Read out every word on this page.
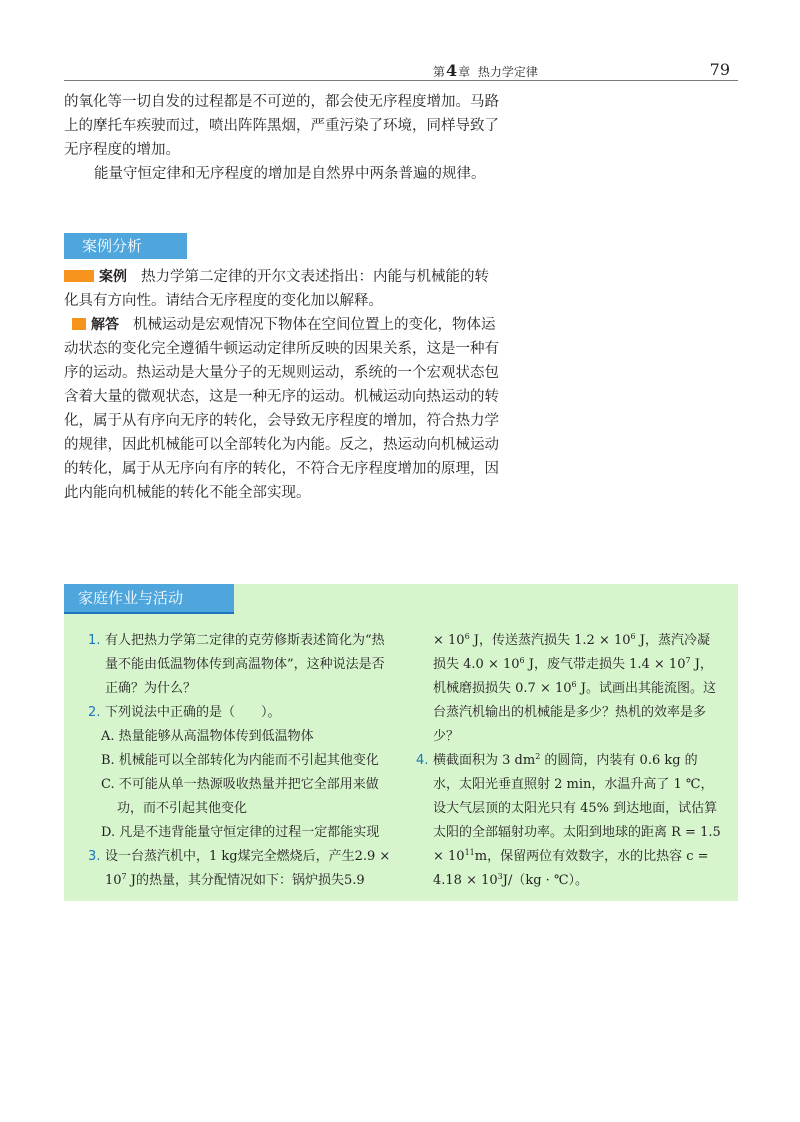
第4章 热力学定律	79

的氧化等一切自发的过程都是不可逆的，都会使无序程度增加。马路上的摩托车疾驶而过，喷出阵阵黑烟，严重污染了环境，同样导致了无序程度的增加。

能量守恒定律和无序程度的增加是自然界中两条普遍的规律。

案例分析

案例 热力学第二定律的开尔文表述指出：内能与机械能的转化具有方向性。请结合无序程度的变化加以解释。

解答 机械运动是宏观情况下物体在空间位置上的变化，物体运动状态的变化完全遵循牛顿运动定律所反映的因果关系，这是一种有序的运动。热运动是大量分子的无规则运动，系统的一个宏观状态包含着大量的微观状态，这是一种无序的运动。机械运动向热运动的转化，属于从有序向无序的转化，会导致无序程度的增加，符合热力学的规律，因此机械能可以全部转化为内能。反之，热运动向机械运动的转化，属于从无序向有序的转化，不符合无序程度增加的原理，因此内能向机械能的转化不能全部实现。

家庭作业与活动

1. 有人把热力学第二定律的克劳修斯表述简化为“热量不能由低温物体传到高温物体”，这种说法是否正确？为什么？

2. 下列说法中正确的是（　　）。

A. 热量能够从高温物体传到低温物体

B. 机械能可以全部转化为内能而不引起其他变化

C. 不可能从单一热源吸收热量并把它全部用来做功，而不引起其他变化

D. 凡是不违背能量守恒定律的过程一定都能实现

3. 设一台蒸汽机中，1 kg煤完全燃烧后，产生$2.9 \times 10^7$ J的热量，其分配情况如下：锅炉损失5.9

× $10^6$ J，传送蒸汽损失 $1.2 \times 10^6$ J，蒸汽冷凝损失 $4.0 \times 10^6$ J，废气带走损失 $1.4 \times 10^7$ J，机械磨损损失 $0.7 \times 10^6$ J。试画出其能流图。这台蒸汽机输出的机械能是多少？热机的效率是多少？

4. 横截面积为 3 $dm^2$ 的圆筒，内装有 0.6 kg 的水，太阳光垂直照射 2 min，水温升高了 1 ℃，设大气层顶的太阳光只有 45% 到达地面，试估算太阳的全部辐射功率。太阳到地球的距离 $R = 1.5 \times 10^{11}m$，保留两位有效数字，水的比热容 $c = 4.18 \times 10^3J/(kg$ · ℃）。
